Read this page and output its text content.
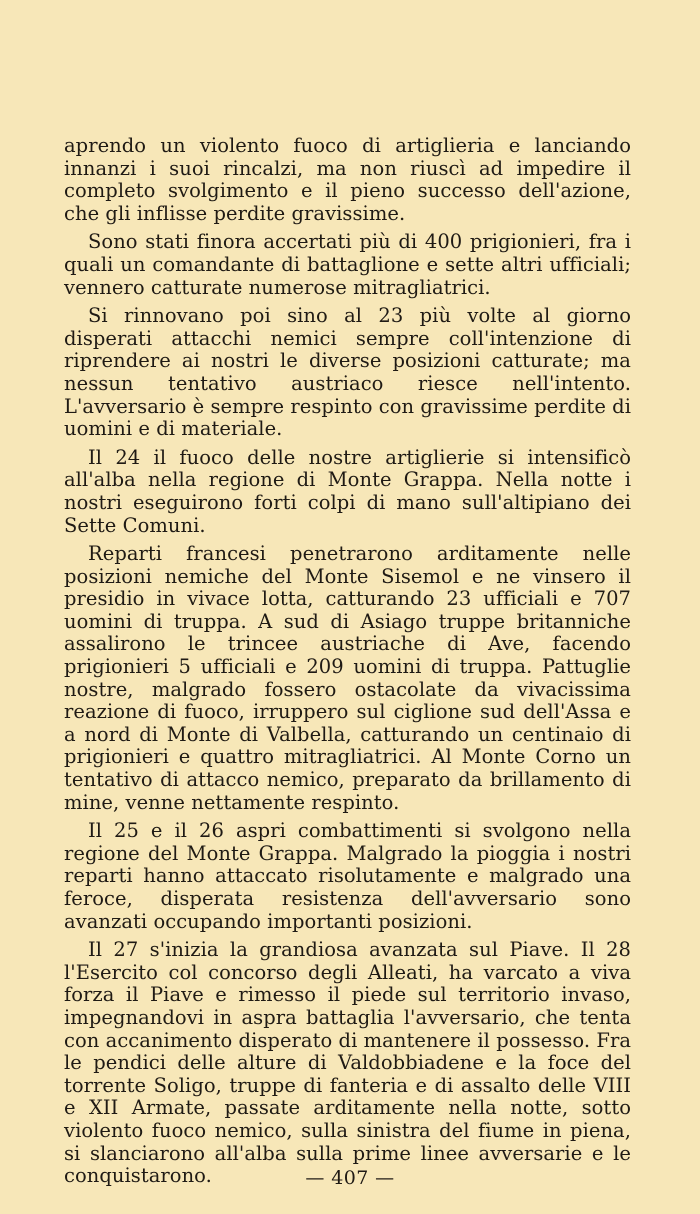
aprendo un violento fuoco di artiglieria e lanciando innanzi i suoi rincalzi, ma non riuscì ad impedire il completo svolgimento e il pieno successo dell'azione, che gli inflisse perdite gravissime.

Sono stati finora accertati più di 400 prigionieri, fra i quali un comandante di battaglione e sette altri ufficiali; vennero catturate numerose mitragliatrici.

Si rinnovano poi sino al 23 più volte al giorno disperati attacchi nemici sempre coll'intenzione di riprendere ai nostri le diverse posizioni catturate; ma nessun tentativo austriaco riesce nell'intento. L'avversario è sempre respinto con gravissime perdite di uomini e di materiale.

Il 24 il fuoco delle nostre artiglierie si intensificò all'alba nella regione di Monte Grappa. Nella notte i nostri eseguirono forti colpi di mano sull'altipiano dei Sette Comuni.

Reparti francesi penetrarono arditamente nelle posizioni nemiche del Monte Sisemol e ne vinsero il presidio in vivace lotta, catturando 23 ufficiali e 707 uomini di truppa. A sud di Asiago truppe britanniche assalirono le trincee austriache di Ave, facendo prigionieri 5 ufficiali e 209 uomini di truppa. Pattuglie nostre, malgrado fossero ostacolate da vivacissima reazione di fuoco, irruppero sul ciglione sud dell'Assa e a nord di Monte di Valbella, catturando un centinaio di prigionieri e quattro mitragliatrici. Al Monte Corno un tentativo di attacco nemico, preparato da brillamento di mine, venne nettamente respinto.

Il 25 e il 26 aspri combattimenti si svolgono nella regione del Monte Grappa. Malgrado la pioggia i nostri reparti hanno attaccato risolutamente e malgrado una feroce, disperata resistenza dell'avversario sono avanzati occupando importanti posizioni.

Il 27 s'inizia la grandiosa avanzata sul Piave. Il 28 l'Esercito col concorso degli Alleati, ha varcato a viva forza il Piave e rimesso il piede sul territorio invaso, impegnandovi in aspra battaglia l'avversario, che tenta con accanimento disperato di mantenere il possesso. Fra le pendici delle alture di Valdobbiadene e la foce del torrente Soligo, truppe di fanteria e di assalto delle VIII e XII Armate, passate arditamente nella notte, sotto violento fuoco nemico, sulla sinistra del fiume in piena, si slanciarono all'alba sulla prime linee avversarie e le conquistarono.	— 407 —
